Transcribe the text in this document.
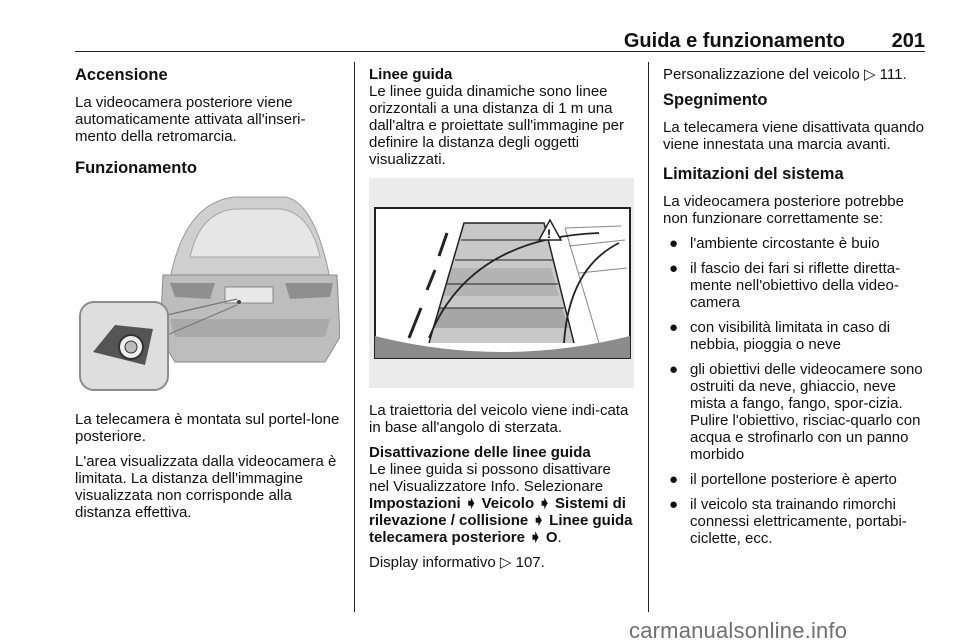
Guida e funzionamento 201
Accensione

La videocamera posteriore viene automaticamente attivata all'inseri-mento della retromarcia.

Funzionamento

La telecamera è montata sul portel-lone posteriore.

L'area visualizzata dalla videocamera è limitata. La distanza dell'immagine visualizzata non corrisponde alla distanza effettiva.

Linee guida

Le linee guida dinamiche sono linee orizzontali a una distanza di 1 m una dall'altra e proiettate sull'immagine per definire la distanza degli oggetti visualizzati.

!

La traiettoria del veicolo viene indi-cata in base all'angolo di sterzata.

Disattivazione delle linee guida

Le linee guida si possono disattivare nel Visualizzatore Info. Selezionare Impostazioni ➧ Veicolo ➧ Sistemi di rilevazione / collisione ➧ Linee guida telecamera posteriore ➧ O.

Display informativo ▷ 107.

Personalizzazione del veicolo ▷ 111.

Spegnimento

La telecamera viene disattivata quando viene innestata una marcia avanti.

Limitazioni del sistema

La videocamera posteriore potrebbe non funzionare correttamente se:

● l'ambiente circostante è buio
● il fascio dei fari si riflette diretta-mente nell'obiettivo della video-camera
● con visibilità limitata in caso di nebbia, pioggia o neve
● gli obiettivi delle videocamere sono ostruiti da neve, ghiaccio, neve mista a fango, fango, spor-cizia. Pulire l'obiettivo, risciac-quarlo con acqua e strofinarlo con un panno morbido
● il portellone posteriore è aperto
● il veicolo sta trainando rimorchi connessi elettricamente, portabi-ciclette, ecc.
carmanualsonline.info
